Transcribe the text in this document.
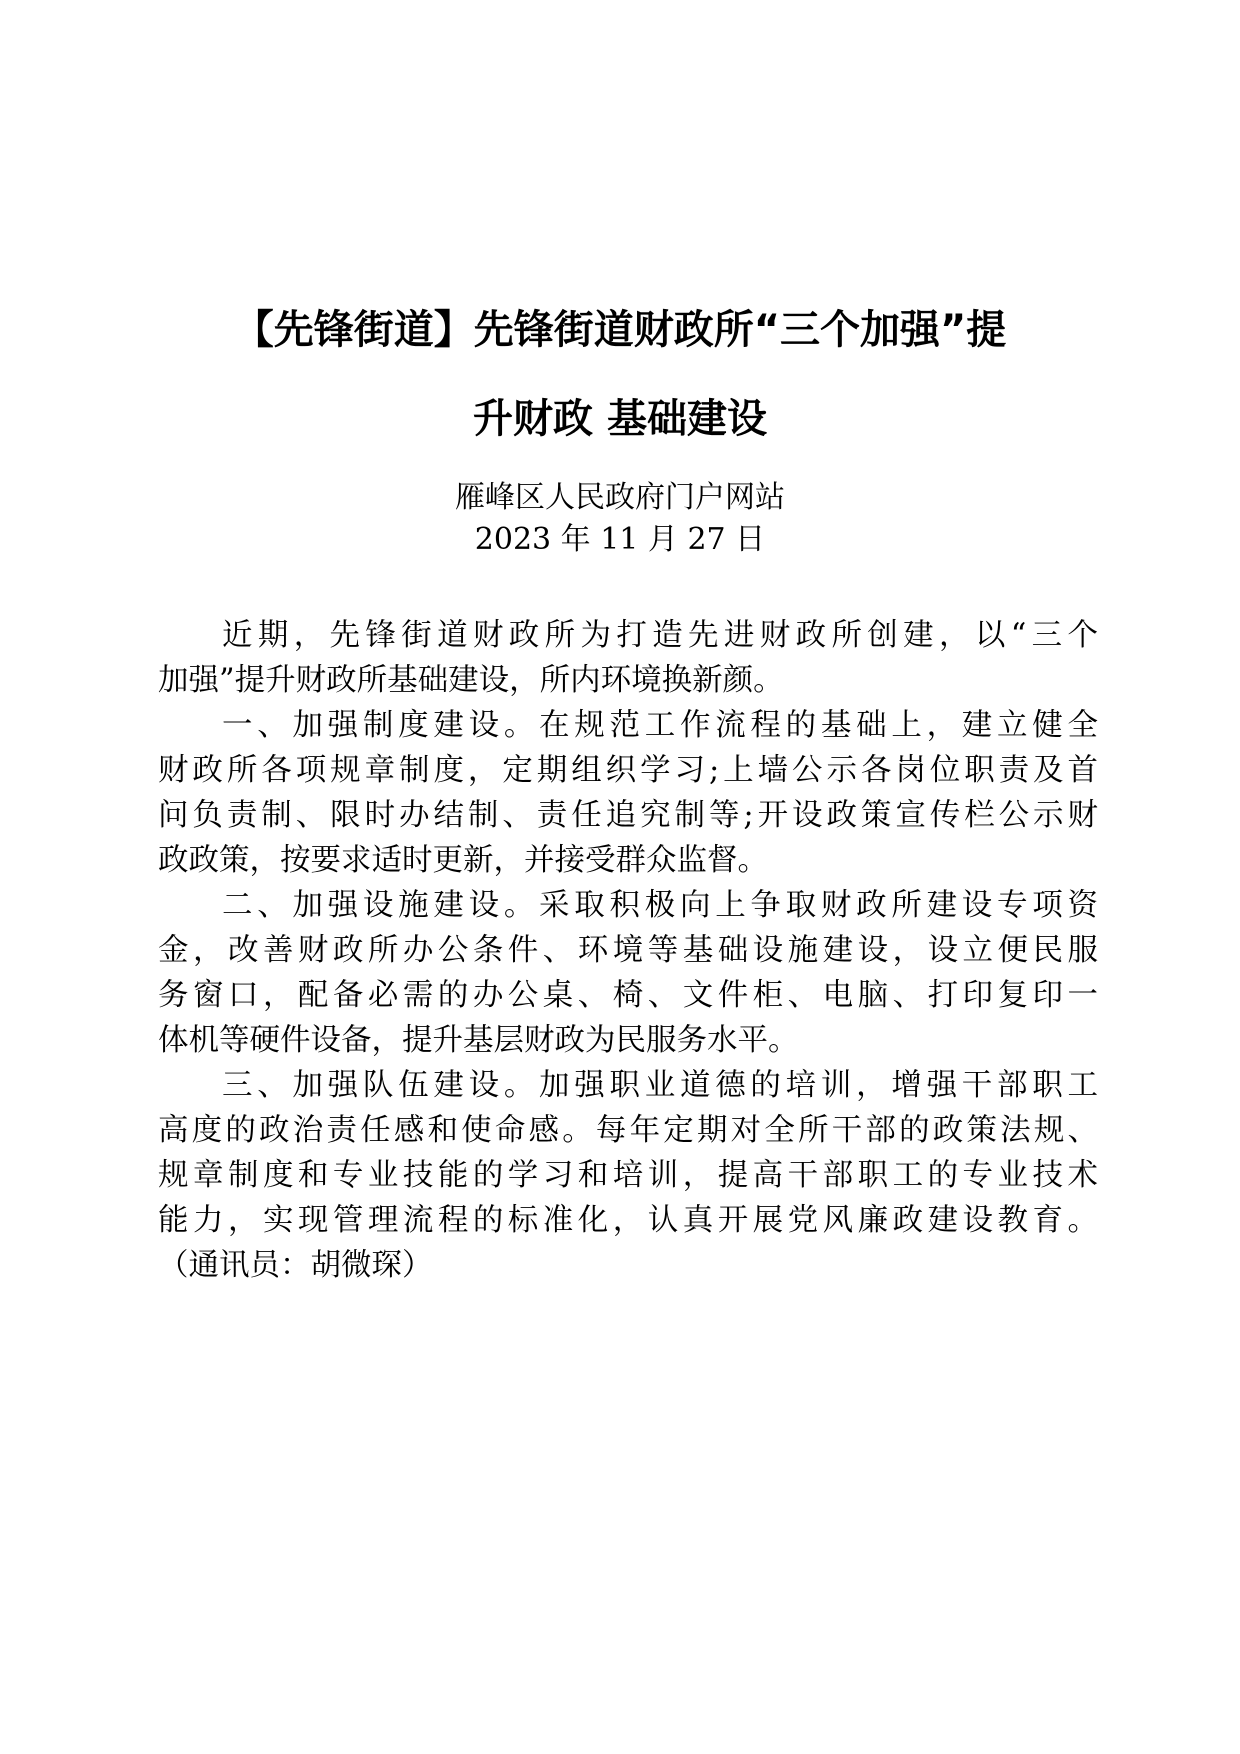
【先锋街道】先锋街道财政所“三个加强”提
升财政 基础建设
雁峰区人民政府门户网站
2023 年 11 月 27 日
近期，先锋街道财政所为打造先进财政所创建，以“三个
加强”提升财政所基础建设，所内环境换新颜。
一、加强制度建设。在规范工作流程的基础上，建立健全
财政所各项规章制度，定期组织学习;上墙公示各岗位职责及首
问负责制、限时办结制、责任追究制等;开设政策宣传栏公示财
政政策，按要求适时更新，并接受群众监督。
二、加强设施建设。采取积极向上争取财政所建设专项资
金，改善财政所办公条件、环境等基础设施建设，设立便民服
务窗口，配备必需的办公桌、椅、文件柜、电脑、打印复印一
体机等硬件设备，提升基层财政为民服务水平。
三、加强队伍建设。加强职业道德的培训，增强干部职工
高度的政治责任感和使命感。每年定期对全所干部的政策法规、
规章制度和专业技能的学习和培训，提高干部职工的专业技术
能力，实现管理流程的标准化，认真开展党风廉政建设教育。
（通讯员：胡微琛）
